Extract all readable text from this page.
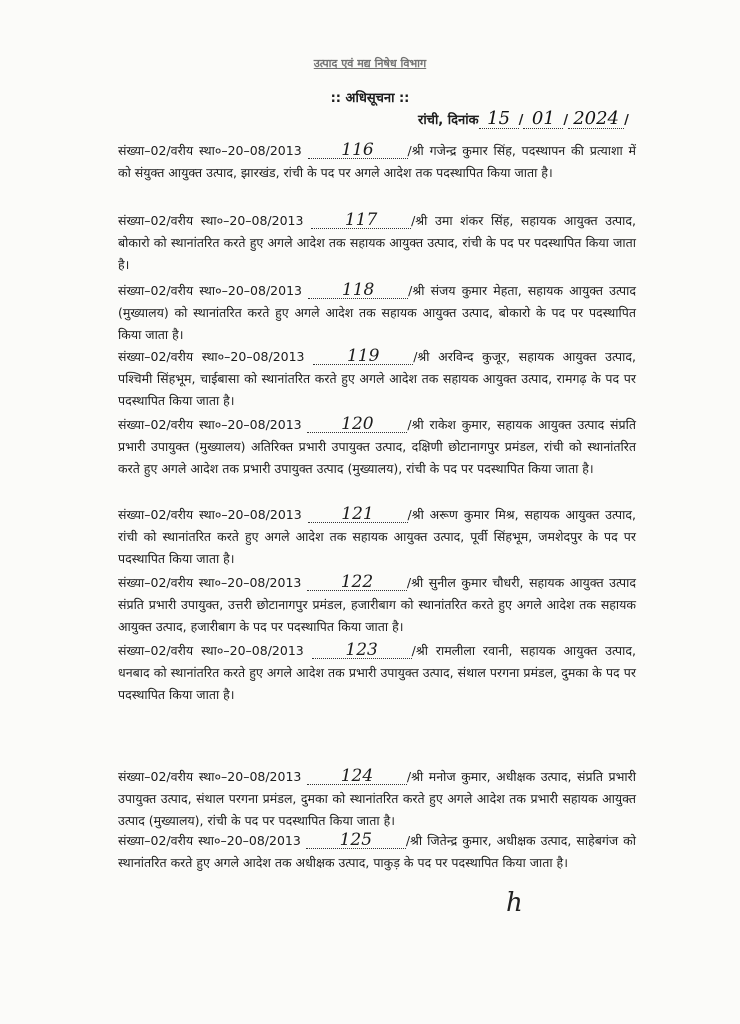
उत्पाद एवं मद्य निषेध विभाग
:: अधिसूचना ::
रांची, दिनांक 15 / 01 / 2024 /
संख्या–02/वरीय स्था०–20–08/2013 116	/श्री गजेन्द्र कुमार सिंह, पदस्थापन की प्रत्याशा में को संयुक्त आयुक्त उत्पाद, झारखंड, रांची के पद पर अगले आदेश तक पदस्थापित किया जाता है।
संख्या–02/वरीय स्था०–20–08/2013 117	/श्री उमा शंकर सिंह, सहायक आयुक्त उत्पाद, बोकारो को स्थानांतरित करते हुए अगले आदेश तक सहायक आयुक्त उत्पाद, रांची के पद पर पदस्थापित किया जाता है।
संख्या–02/वरीय स्था०–20–08/2013 118	/श्री संजय कुमार मेहता, सहायक आयुक्त उत्पाद (मुख्यालय) को स्थानांतरित करते हुए अगले आदेश तक सहायक आयुक्त उत्पाद, बोकारो के पद पर पदस्थापित किया जाता है।
संख्या–02/वरीय स्था०–20–08/2013 119	/श्री अरविन्द कुजूर, सहायक आयुक्त उत्पाद, पश्चिमी सिंहभूम, चाईबासा को स्थानांतरित करते हुए अगले आदेश तक सहायक आयुक्त उत्पाद, रामगढ़ के पद पर पदस्थापित किया जाता है।
संख्या–02/वरीय स्था०–20–08/2013 120	/श्री राकेश कुमार, सहायक आयुक्त उत्पाद संप्रति प्रभारी उपायुक्त (मुख्यालय) अतिरिक्त प्रभारी उपायुक्त उत्पाद, दक्षिणी छोटानागपुर प्रमंडल, रांची को स्थानांतरित करते हुए अगले आदेश तक प्रभारी उपायुक्त उत्पाद (मुख्यालय), रांची के पद पर पदस्थापित किया जाता है।
संख्या–02/वरीय स्था०–20–08/2013 121	/श्री अरूण कुमार मिश्र, सहायक आयुक्त उत्पाद, रांची को स्थानांतरित करते हुए अगले आदेश तक सहायक आयुक्त उत्पाद, पूर्वी सिंहभूम, जमशेदपुर के पद पर पदस्थापित किया जाता है।
संख्या–02/वरीय स्था०–20–08/2013 122	/श्री सुनील कुमार चौधरी, सहायक आयुक्त उत्पाद संप्रति प्रभारी उपायुक्त, उत्तरी छोटानागपुर प्रमंडल, हजारीबाग को स्थानांतरित करते हुए अगले आदेश तक सहायक आयुक्त उत्पाद, हजारीबाग के पद पर पदस्थापित किया जाता है।
संख्या–02/वरीय स्था०–20–08/2013 123	/श्री रामलीला रवानी, सहायक आयुक्त उत्पाद, धनबाद को स्थानांतरित करते हुए अगले आदेश तक प्रभारी उपायुक्त उत्पाद, संथाल परगना प्रमंडल, दुमका के पद पर पदस्थापित किया जाता है।
संख्या–02/वरीय स्था०–20–08/2013 124	/श्री मनोज कुमार, अधीक्षक उत्पाद, संप्रति प्रभारी उपायुक्त उत्पाद, संथाल परगना प्रमंडल, दुमका को स्थानांतरित करते हुए अगले आदेश तक प्रभारी सहायक आयुक्त उत्पाद (मुख्यालय), रांची के पद पर पदस्थापित किया जाता है।
संख्या–02/वरीय स्था०–20–08/2013 125	/श्री जितेन्द्र कुमार, अधीक्षक उत्पाद, साहेबगंज को स्थानांतरित करते हुए अगले आदेश तक अधीक्षक उत्पाद, पाकुड़ के पद पर पदस्थापित किया जाता है।
h
